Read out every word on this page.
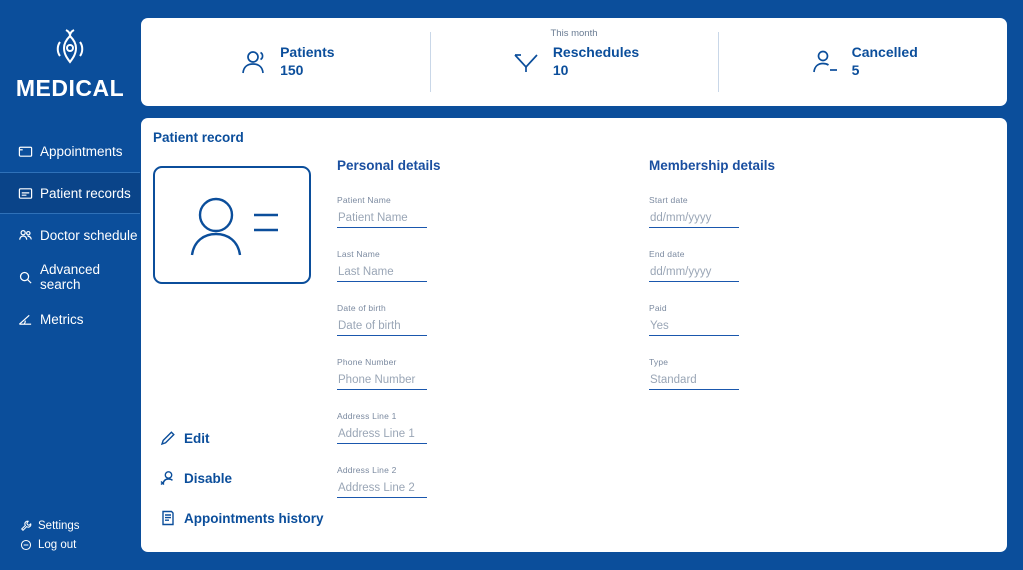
MEDICAL
Appointments
Patient records
Doctor schedule
Advanced search
Metrics
Settings
Log out
Patients
150
This month
Reschedules
10
Cancelled
5
Patient record
Edit
Disable
Appointments history
Personal details
Patient Name
Patient Name
Last Name
Last Name
Date of birth
Date of birth
Phone Number
Phone Number
Address Line 1
Address Line 1
Address Line 2
Address Line 2
Membership details
Start date
dd/mm/yyyy
End date
dd/mm/yyyy
Paid
Yes
Type
Standard
